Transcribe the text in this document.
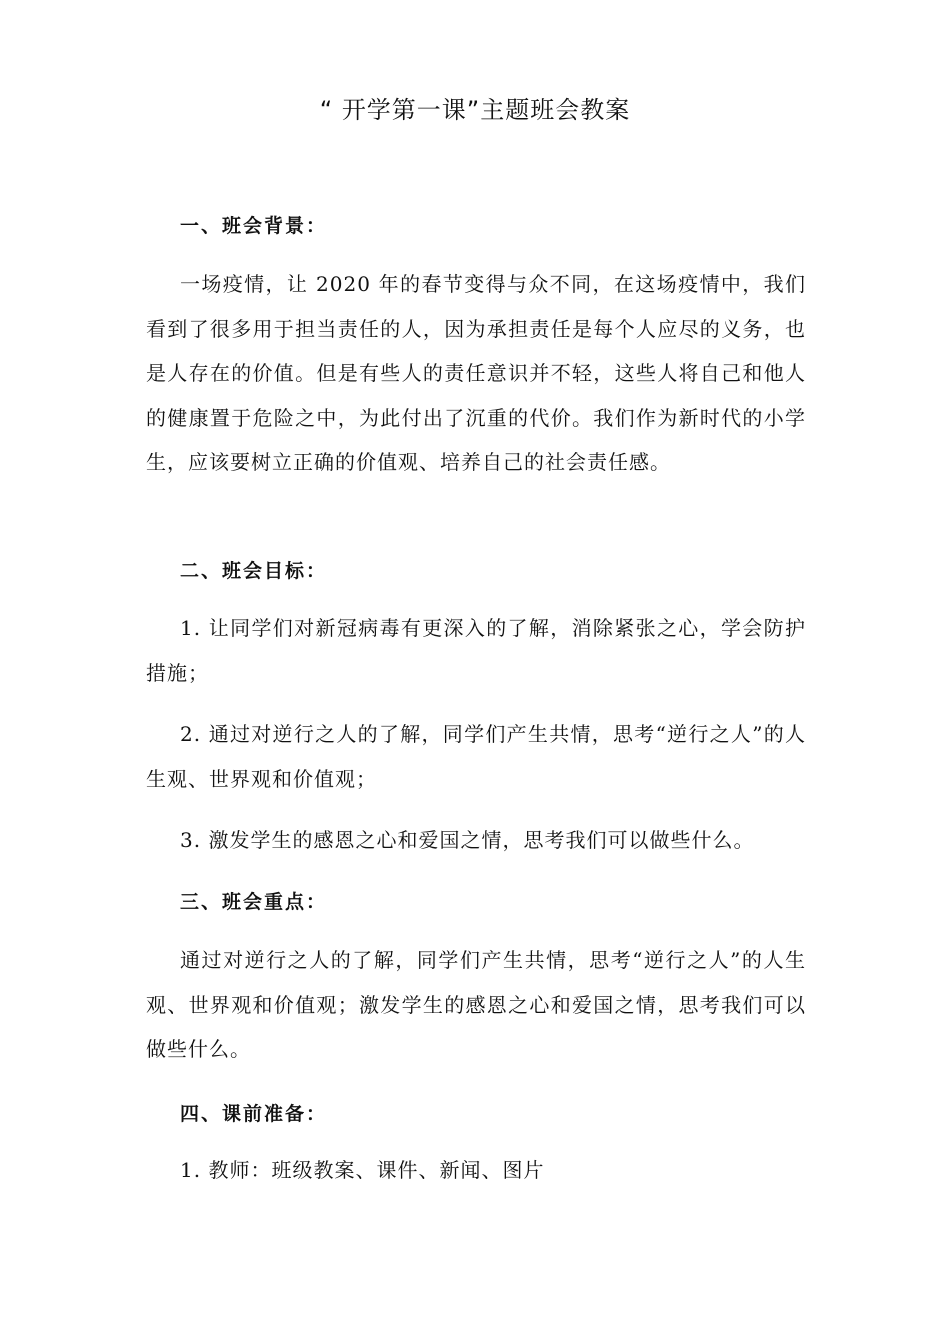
“ 开学第一课”主题班会教案
一、班会背景：
一场疫情，让 2020 年的春节变得与众不同，在这场疫情中，我们看到了很多用于担当责任的人，因为承担责任是每个人应尽的义务，也是人存在的价值。但是有些人的责任意识并不轻，这些人将自己和他人的健康置于危险之中，为此付出了沉重的代价。我们作为新时代的小学生，应该要树立正确的价值观、培养自己的社会责任感。
二、班会目标：
1. 让同学们对新冠病毒有更深入的了解，消除紧张之心，学会防护措施；
2. 通过对逆行之人的了解，同学们产生共情，思考“逆行之人”的人生观、世界观和价值观；
3. 激发学生的感恩之心和爱国之情，思考我们可以做些什么。
三、班会重点：
通过对逆行之人的了解，同学们产生共情，思考“逆行之人”的人生观、世界观和价值观；激发学生的感恩之心和爱国之情，思考我们可以做些什么。
四、课前准备：
1. 教师：班级教案、课件、新闻、图片
